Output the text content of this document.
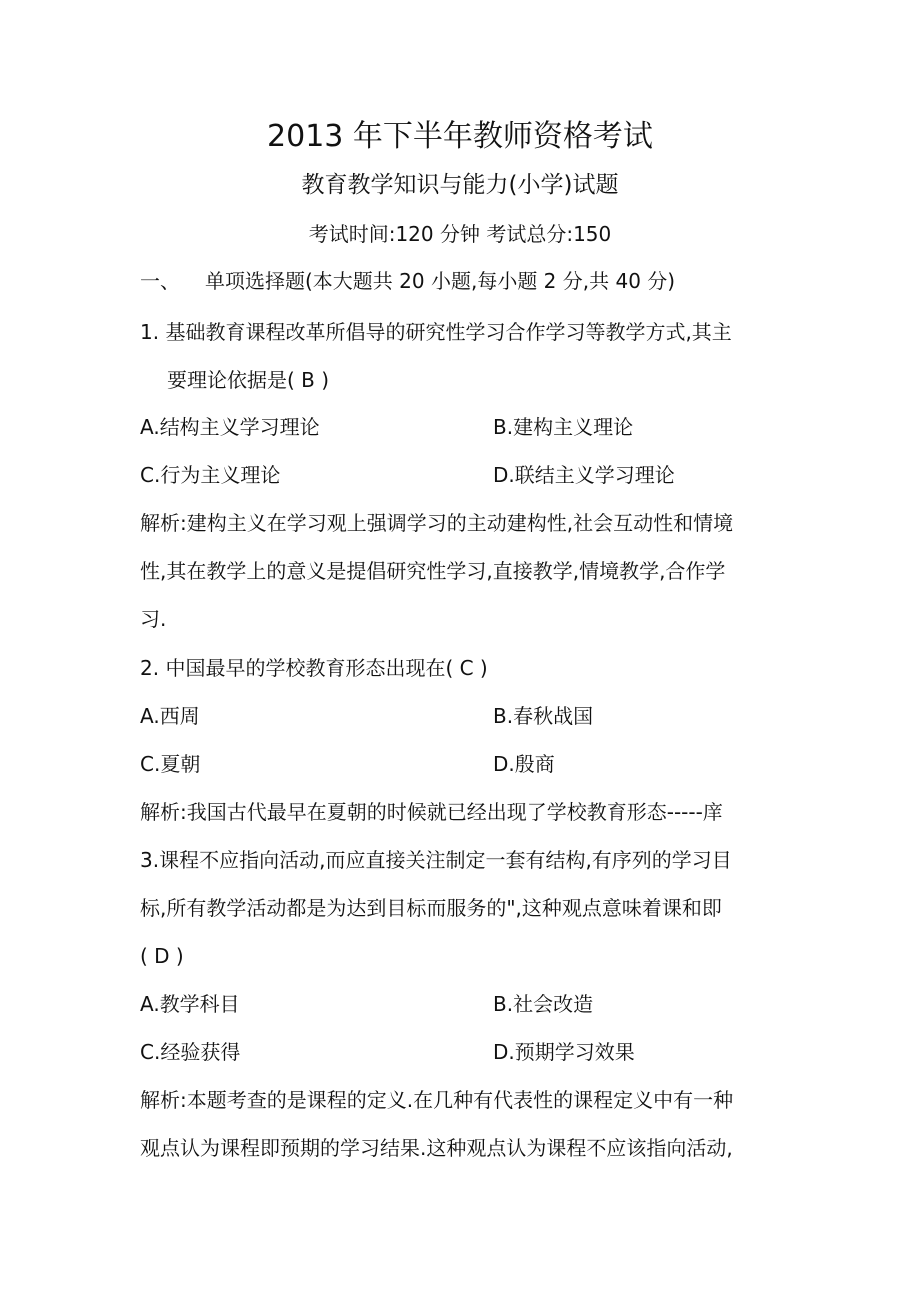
2013 年下半年教师资格考试
教育教学知识与能力(小学)试题
考试时间:120 分钟 考试总分:150
一、 单项选择题(本大题共 20 小题,每小题 2 分,共 40 分)
1. 基础教育课程改革所倡导的研究性学习合作学习等教学方式,其主
要理论依据是( B )
A.结构主义学习理论	B.建构主义理论
C.行为主义理论	D.联结主义学习理论
解析:建构主义在学习观上强调学习的主动建构性,社会互动性和情境
性,其在教学上的意义是提倡研究性学习,直接教学,情境教学,合作学
习.
2. 中国最早的学校教育形态出现在( C )
A.西周	B.春秋战国
C.夏朝	D.殷商
解析:我国古代最早在夏朝的时候就已经出现了学校教育形态-----庠
3.课程不应指向活动,而应直接关注制定一套有结构,有序列的学习目
标,所有教学活动都是为达到目标而服务的",这种观点意味着课和即
( D )
A.教学科目	B.社会改造
C.经验获得	D.预期学习效果
解析:本题考查的是课程的定义.在几种有代表性的课程定义中有一种
观点认为课程即预期的学习结果.这种观点认为课程不应该指向活动,
